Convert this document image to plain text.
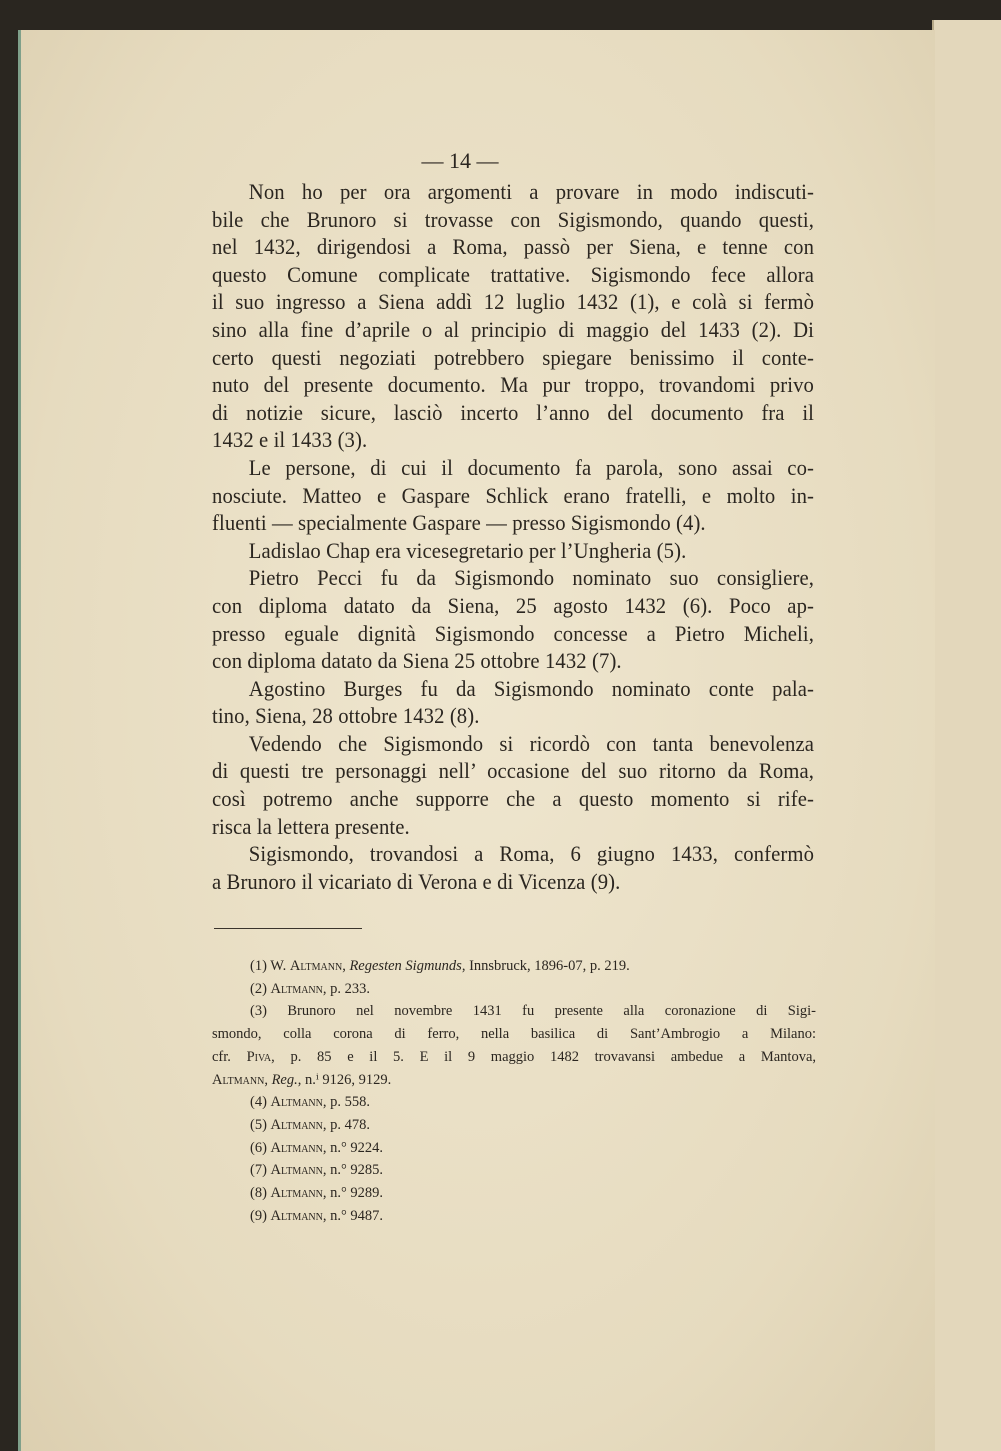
— 14 —
Non ho per ora argomenti a provare in modo indiscuti-
bile che Brunoro si trovasse con Sigismondo, quando questi,
nel 1432, dirigendosi a Roma, passò per Siena, e tenne con
questo Comune complicate trattative. Sigismondo fece allora
il suo ingresso a Siena addì 12 luglio 1432 (1), e colà si fermò
sino alla fine d’aprile o al principio di maggio del 1433 (2). Di
certo questi negoziati potrebbero spiegare benissimo il conte-
nuto del presente documento. Ma pur troppo, trovandomi privo
di notizie sicure, lasciò incerto l’anno del documento fra il
1432 e il 1433 (3).
Le persone, di cui il documento fa parola, sono assai co-
nosciute. Matteo e Gaspare Schlick erano fratelli, e molto in-
fluenti — specialmente Gaspare — presso Sigismondo (4).
Ladislao Chap era vicesegretario per l’Ungheria (5).
Pietro Pecci fu da Sigismondo nominato suo consigliere,
con diploma datato da Siena, 25 agosto 1432 (6). Poco ap-
presso eguale dignità Sigismondo concesse a Pietro Micheli,
con diploma datato da Siena 25 ottobre 1432 (7).
Agostino Burges fu da Sigismondo nominato conte pala-
tino, Siena, 28 ottobre 1432 (8).
Vedendo che Sigismondo si ricordò con tanta benevolenza
di questi tre personaggi nell’ occasione del suo ritorno da Roma,
così potremo anche supporre che a questo momento si rife-
risca la lettera presente.
Sigismondo, trovandosi a Roma, 6 giugno 1433, confermò
a Brunoro il vicariato di Verona e di Vicenza (9).
(1) W. Altmann, Regesten Sigmunds, Innsbruck, 1896-07, p. 219.
(2) Altmann, p. 233.
(3) Brunoro nel novembre 1431 fu presente alla coronazione di Sigi-
smondo, colla corona di ferro, nella basilica di Sant’Ambrogio a Milano:
cfr. Piva, p. 85 e il 5. E il 9 maggio 1482 trovavansi ambedue a Mantova,
Altmann, Reg., n.ⁱ 9126, 9129.
(4) Altmann, p. 558.
(5) Altmann, p. 478.
(6) Altmann, n.° 9224.
(7) Altmann, n.° 9285.
(8) Altmann, n.° 9289.
(9) Altmann, n.° 9487.
